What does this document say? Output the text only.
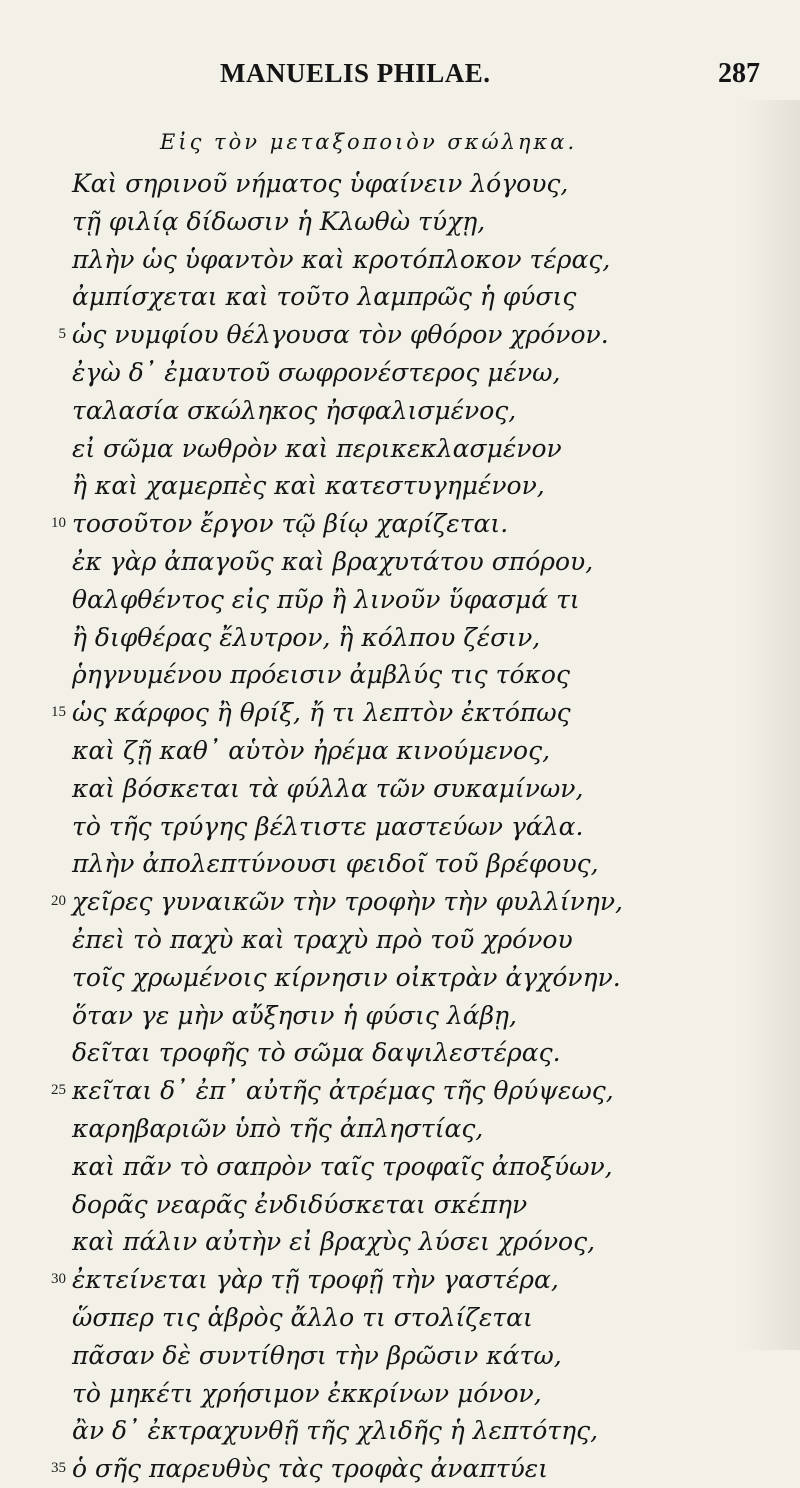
MANUELIS PHILAE.	287
Εἰς τὸν μεταξοποιὸν σκώληκα.
Καὶ σηρινοῦ νήματος ὑφαίνειν λόγους,
τῇ φιλίᾳ δίδωσιν ἡ Κλωθὼ τύχῃ,
πλὴν ὡς ὑφαντὸν καὶ κροτόπλοκον τέρας,
ἀμπίσχεται καὶ τοῦτο λαμπρῶς ἡ φύσις
5 ὡς νυμφίου θέλγουσα τὸν φθόρον χρόνον.
ἐγὼ δ᾽ ἐμαυτοῦ σωφρονέστερος μένω,
ταλασία σκώληκος ἠσφαλισμένος,
εἰ σῶμα νωθρὸν καὶ περικεκλασμένον
ἢ καὶ χαμερπὲς καὶ κατεστυγημένον,
10 τοσοῦτον ἔργον τῷ βίῳ χαρίζεται.
ἐκ γὰρ ἀπαγοῦς καὶ βραχυτάτου σπόρου,
θαλφθέντος εἰς πῦρ ἢ λινοῦν ὕφασμά τι
ἢ διφθέρας ἔλυτρον, ἢ κόλπου ζέσιν,
ῥηγνυμένου πρόεισιν ἀμβλύς τις τόκος
15 ὡς κάρφος ἢ θρίξ, ἤ τι λεπτὸν ἐκτόπως
καὶ ζῇ καθ᾽ αὑτὸν ἠρέμα κινούμενος,
καὶ βόσκεται τὰ φύλλα τῶν συκαμίνων,
τὸ τῆς τρύγης βέλτιστε μαστεύων γάλα.
πλὴν ἀπολεπτύνουσι φειδοῖ τοῦ βρέφους,
20 χεῖρες γυναικῶν τὴν τροφὴν τὴν φυλλίνην,
ἐπεὶ τὸ παχὺ καὶ τραχὺ πρὸ τοῦ χρόνου
τοῖς χρωμένοις κίρνησιν οἰκτρὰν ἀγχόνην.
ὅταν γε μὴν αὔξησιν ἡ φύσις λάβῃ,
δεῖται τροφῆς τὸ σῶμα δαψιλεστέρας.
25 κεῖται δ᾽ ἐπ᾽ αὐτῆς ἀτρέμας τῆς θρύψεως,
καρηβαριῶν ὑπὸ τῆς ἀπληστίας,
καὶ πᾶν τὸ σαπρὸν ταῖς τροφαῖς ἀποξύων,
δορᾶς νεαρᾶς ἐνδιδύσκεται σκέπην
καὶ πάλιν αὐτὴν εἰ βραχὺς λύσει χρόνος,
30 ἐκτείνεται γὰρ τῇ τροφῇ τὴν γαστέρα,
ὥσπερ τις ἁβρὸς ἄλλο τι στολίζεται
πᾶσαν δὲ συντίθησι τὴν βρῶσιν κάτω,
τὸ μηκέτι χρήσιμον ἐκκρίνων μόνον,
ἂν δ᾽ ἐκτραχυνθῇ τῆς χλιδῆς ἡ λεπτότης,
35 ὁ σῆς παρευθὺς τὰς τροφὰς ἀναπτύει
